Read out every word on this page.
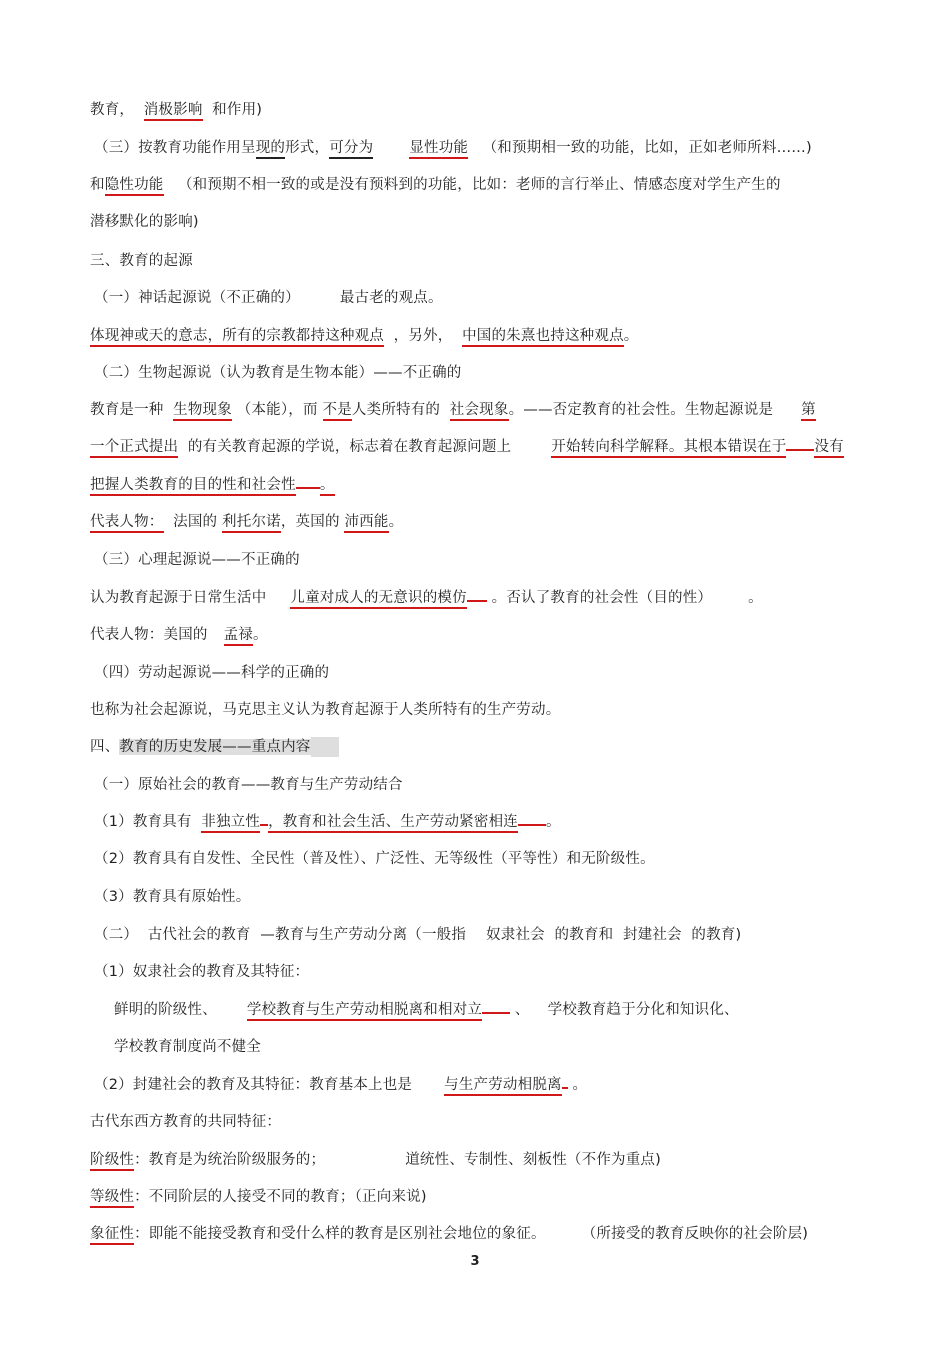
教育， 消极影响 和作用)
（三）按教育功能作用呈现的形式，可分为 显性功能 （和预期相一致的功能，比如，正如老师所料……)
和隐性功能 （和预期不相一致的或是没有预料到的功能，比如：老师的言行举止、情感态度对学生产生的
潜移默化的影响)
三、教育的起源
（一）神话起源说（不正确的）	最古老的观点。
体现神或天的意志，所有的宗教都持这种观点 ，另外， 中国的朱熹也持这种观点。
（二）生物起源说（认为教育是生物本能）——不正确的
教育是一种 生物现象 （本能），而 不是人类所特有的 社会现象。——否定教育的社会性。生物起源说是 第
一个正式提出 的有关教育起源的学说，标志着在教育起源问题上	开始转向科学解释。其根本错误在于 没有
把握人类教育的目的性和社会性 。
代表人物： 法国的 利托尔诺，英国的 沛西能。
（三）心理起源说——不正确的
认为教育起源于日常生活中 儿童对成人的无意识的模仿 。否认了教育的社会性（目的性） 。
代表人物：美国的 孟禄。
（四）劳动起源说——科学的正确的
也称为社会起源说，马克思主义认为教育起源于人类所特有的生产劳动。
四、教育的历史发展——重点内容
（一）原始社会的教育——教育与生产劳动结合
（1）教育具有 非独立性 ，教育和社会生活、生产劳动紧密相连 。
（2）教育具有自发性、全民性（普及性）、广泛性、无等级性（平等性）和无阶级性。
（3）教育具有原始性。
（二） 古代社会的教育 —教育与生产劳动分离（一般指 奴隶社会 的教育和 封建社会 的教育)
（1）奴隶社会的教育及其特征：
鲜明的阶级性、 学校教育与生产劳动相脱离和相对立 、 学校教育趋于分化和知识化、
学校教育制度尚不健全
（2）封建社会的教育及其特征：教育基本上也是 与生产劳动相脱离 。
古代东西方教育的共同特征：
阶级性：教育是为统治阶级服务的；	道统性、专制性、刻板性（不作为重点)
等级性：不同阶层的人接受不同的教育；（正向来说)
象征性：即能不能接受教育和受什么样的教育是区别社会地位的象征。 （所接受的教育反映你的社会阶层)
3
